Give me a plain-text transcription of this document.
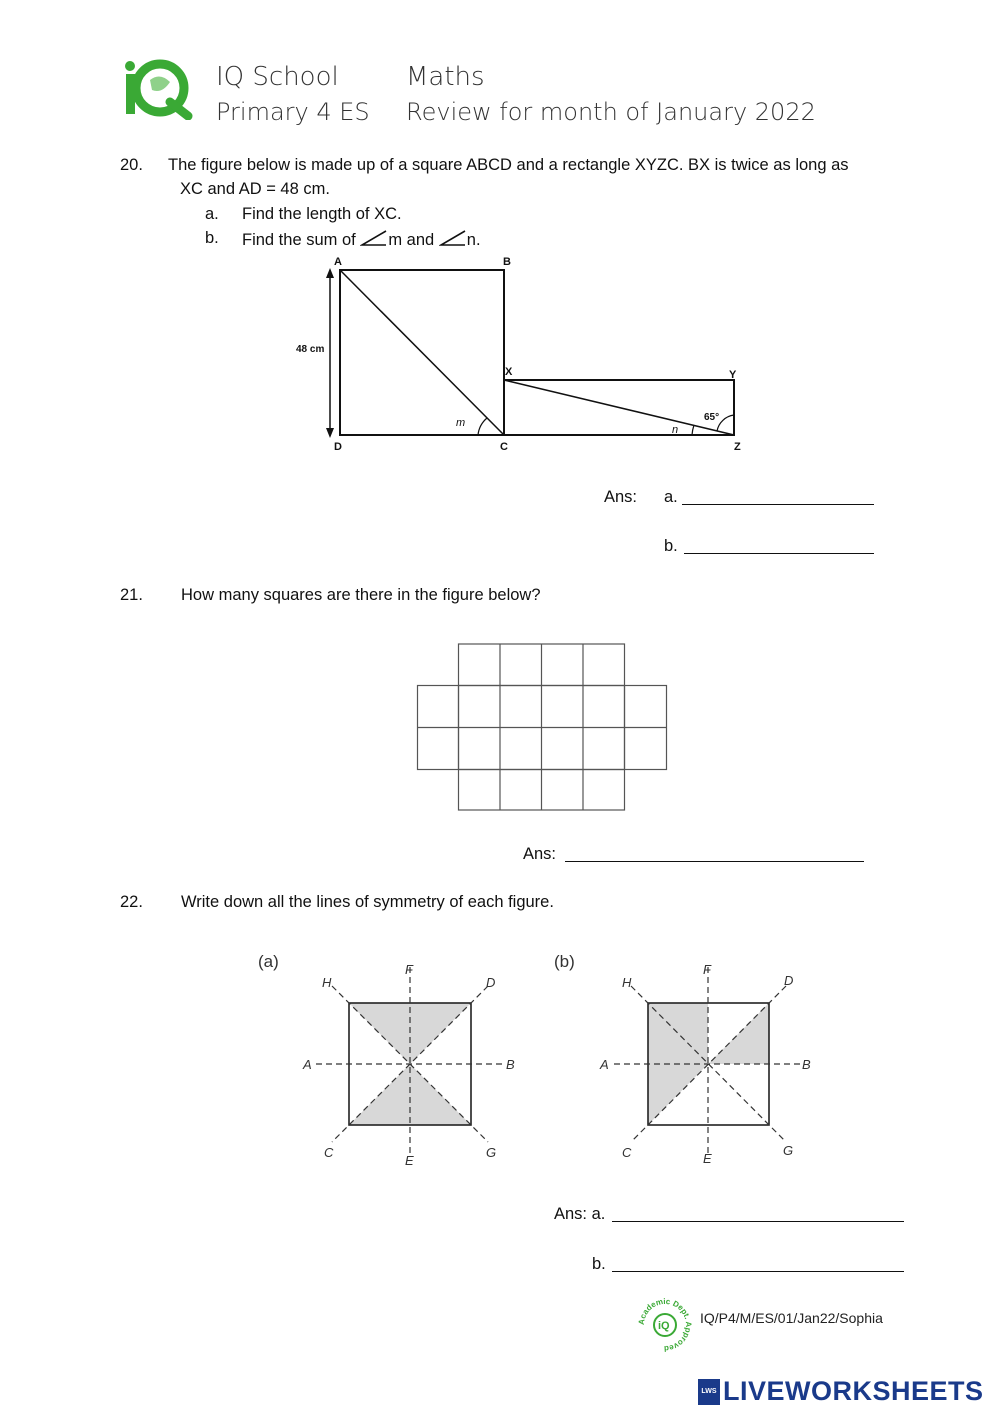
IQ School
Primary 4 ES
Maths
Review for month of January 2022
20. The figure below is made up of a square ABCD and a rectangle XYZC. BX is twice as long as
XC and AD = 48 cm.
a. Find the length of XC.
b. Find the sum of m and n.
A	B
X	Y
D	C	Z
48 cm
65°
m
n
Ans: a.
b.
21. How many squares are there in the figure below?
Ans:
22. Write down all the lines of symmetry of each figure.
(a)
H
F
D
A	B
C
E
G
(b)
H
F
D
A	B
C	E
G
Ans: a.
b.
Academic Dept. Approved
iQ IQ/P4/M/ES/01/Jan22/Sophia
LWS LIVEWORKSHEETS
